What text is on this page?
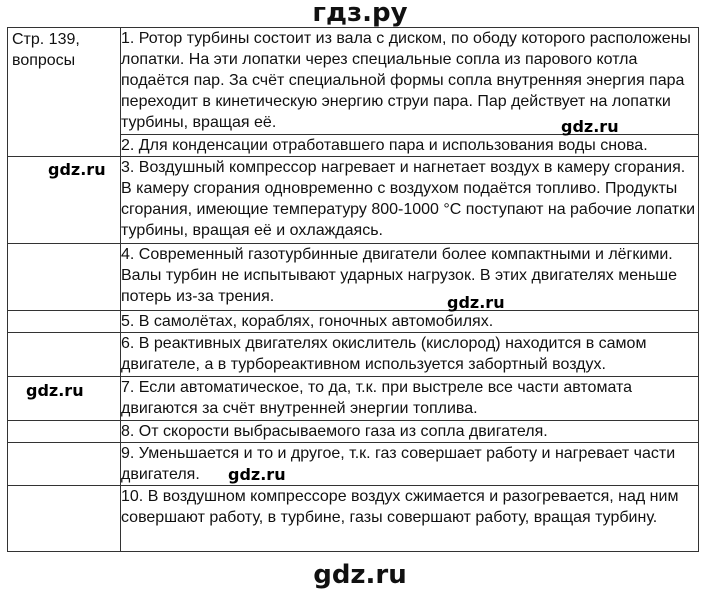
гдз.ру
Стр. 139,
вопросы	1. Ротор турбины состоит из вала с диском, по ободу которого расположены лопатки. На эти лопатки через специальные сопла из парового котла подаётся пар. За счёт специальной формы сопла внутренняя энергия пара переходит в кинетическую энергию струи пара. Пар действует на лопатки турбины, вращая её. gdz.ru

	2. Для конденсации отработавшего пара и использования воды снова.

gdz.ru	3. Воздушный компрессор нагревает и нагнетает воздух в камеру сгорания. В камеру сгорания одновременно с воздухом подаётся топливо. Продукты сгорания, имеющие температуру 800-1000 °С поступают на рабочие лопатки турбины, вращая её и охлаждаясь.

	4. Современный газотурбинные двигатели более компактными и лёгкими. Валы турбин не испытывают ударных нагрузок. В этих двигателях меньше потерь из-за трения. gdz.ru

	5. В самолётах, кораблях, гоночных автомобилях.

	6. В реактивных двигателях окислитель (кислород) находится в самом двигателе, а в турбореактивном используется забортный воздух.

gdz.ru	7. Если автоматическое, то да, т.к. при выстреле все части автомата двигаются за счёт внутренней энергии топлива.

	8. От скорости выбрасываемого газа из сопла двигателя.

	9. Уменьшается и то и другое, т.к. газ совершает работу и нагревает части двигателя. gdz.ru

	10. В воздушном компрессоре воздух сжимается и разогревается, над ним совершают работу, в турбине, газы совершают работу, вращая турбину.
gdz.ru
